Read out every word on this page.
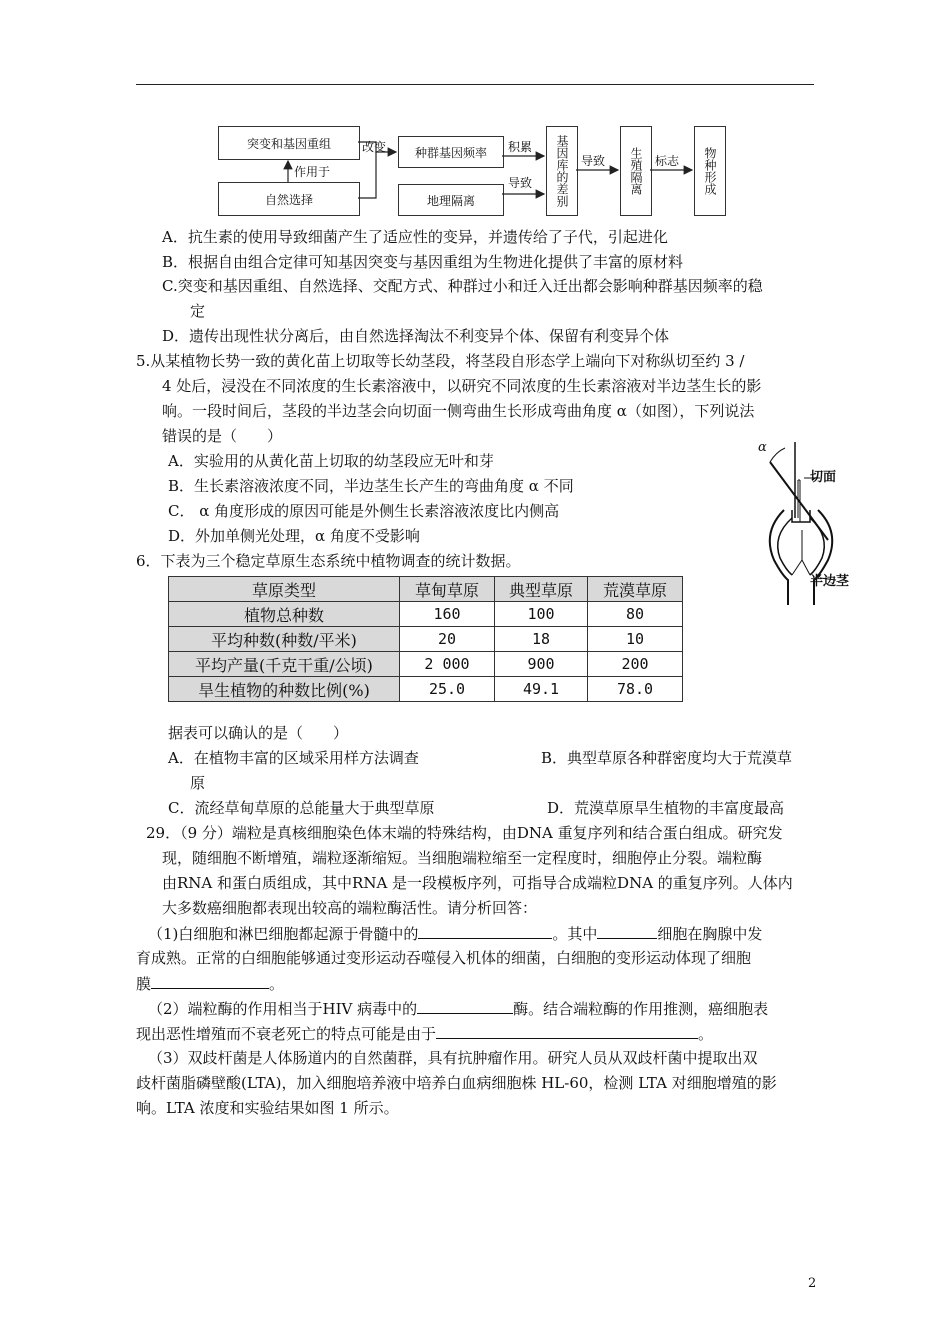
突变和基因重组
自然选择
种群基因频率
地理隔离	基因库的差别	生殖隔离	物种形成
作用于
改变	积累
导致
导致	标志
A．抗生素的使用导致细菌产生了适应性的变异，并遗传给了子代，引起进化
B．根据自由组合定律可知基因突变与基因重组为生物进化提供了丰富的原材料
C.突变和基因重组、自然选择、交配方式、种群过小和迁入迁出都会影响种群基因频率的稳
定
D．遗传出现性状分离后，由自然选择淘汰不利变异个体、保留有利变异个体
5.从某植物长势一致的黄化苗上切取等长幼茎段，将茎段自形态学上端向下对称纵切至约 3 /
4 处后，浸没在不同浓度的生长素溶液中，以研究不同浓度的生长素溶液对半边茎生长的影
响。一段时间后，茎段的半边茎会向切面一侧弯曲生长形成弯曲角度 α（如图），下列说法
错误的是（　　）
A．实验用的从黄化苗上切取的幼茎段应无叶和芽
B．生长素溶液浓度不同，半边茎生长产生的弯曲角度 α 不同
C． α 角度形成的原因可能是外侧生长素溶液浓度比内侧高
D．外加单侧光处理，α 角度不受影响
α
切面
半边茎
6．下表为三个稳定草原生态系统中植物调查的统计数据。
草原类型	草甸草原	典型草原	荒漠草原
植物总种数	160	100	80
平均种数(种数/平米)	20	18	10
平均产量(千克干重/公顷)	2 000	900	200
旱生植物的种数比例(%)	25.0	49.1	78.0
据表可以确认的是（　　）
A．在植物丰富的区域采用样方法调查	B．典型草原各种群密度均大于荒漠草
原
C．流经草甸草原的总能量大于典型草原	D．荒漠草原旱生植物的丰富度最高
29．（9 分）端粒是真核细胞染色体末端的特殊结构，由DNA 重复序列和结合蛋白组成。研究发
现，随细胞不断增殖，端粒逐渐缩短。当细胞端粒缩至一定程度时，细胞停止分裂。端粒酶
由RNA 和蛋白质组成，其中RNA 是一段模板序列，可指导合成端粒DNA 的重复序列。人体内
大多数癌细胞都表现出较高的端粒酶活性。请分析回答：
（1)白细胞和淋巴细胞都起源于骨髓中的	。其中	细胞在胸腺中发
育成熟。正常的白细胞能够通过变形运动吞噬侵入机体的细菌，白细胞的变形运动体现了细胞
膜	。
（2）端粒酶的作用相当于HIV 病毒中的	酶。结合端粒酶的作用推测，癌细胞表
现出恶性增殖而不衰老死亡的特点可能是由于	。
（3）双歧杆菌是人体肠道内的自然菌群，具有抗肿瘤作用。研究人员从双歧杆菌中提取出双
歧杆菌脂磷壁酸(LTA)，加入细胞培养液中培养白血病细胞株 HL-60，检测 LTA 对细胞增殖的影
响。LTA 浓度和实验结果如图 1 所示。
2
